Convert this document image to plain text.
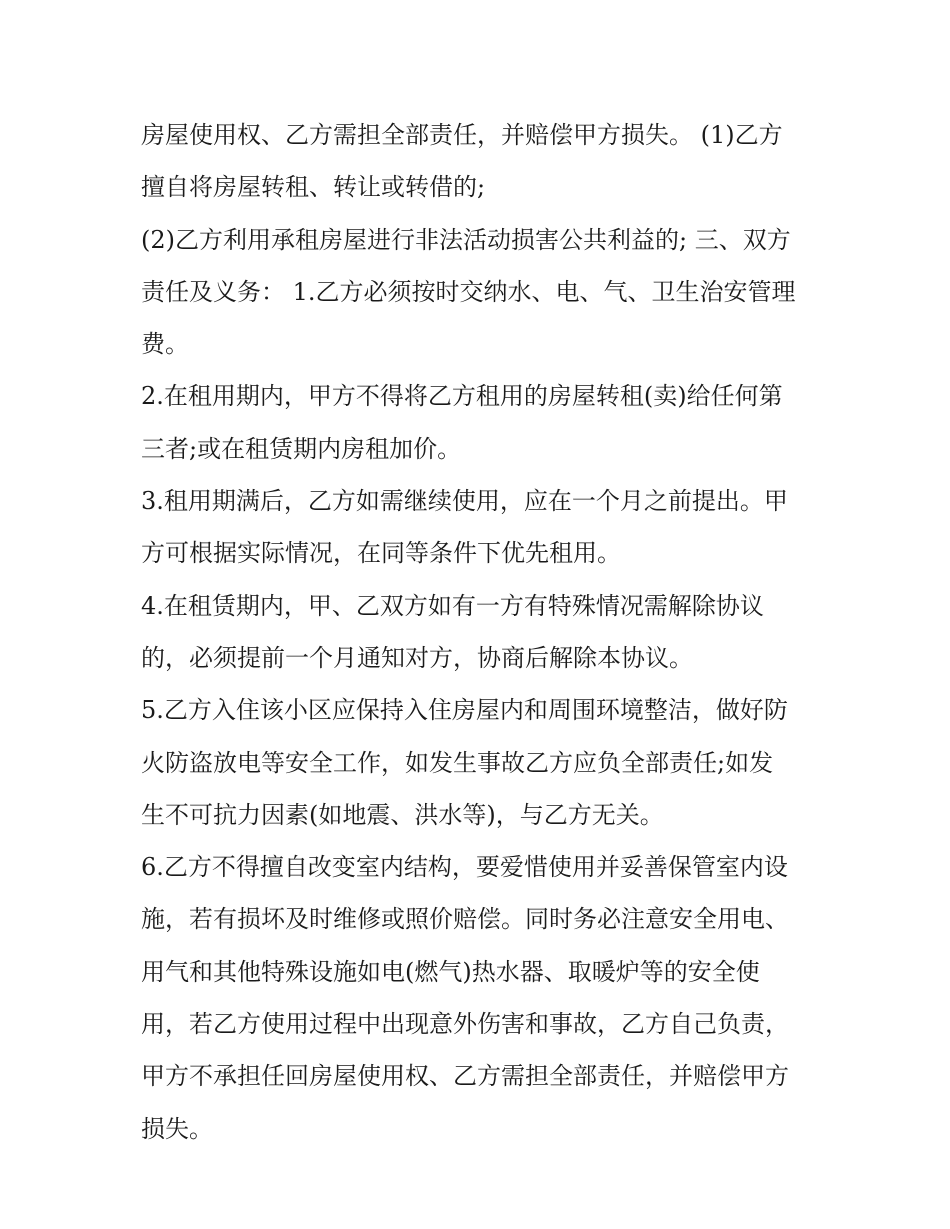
房屋使用权、乙方需担全部责任，并赔偿甲方损失。 (1)乙方
擅自将房屋转租、转让或转借的;
(2)乙方利用承租房屋进行非法活动损害公共利益的; 三、双方
责任及义务： 1.乙方必须按时交纳水、电、气、卫生治安管理
费。
2.在租用期内，甲方不得将乙方租用的房屋转租(卖)给任何第
三者;或在租赁期内房租加价。
3.租用期满后，乙方如需继续使用，应在一个月之前提出。甲
方可根据实际情况，在同等条件下优先租用。
4.在租赁期内，甲、乙双方如有一方有特殊情况需解除协议
的，必须提前一个月通知对方，协商后解除本协议。
5.乙方入住该小区应保持入住房屋内和周围环境整洁，做好防
火防盗放电等安全工作，如发生事故乙方应负全部责任;如发
生不可抗力因素(如地震、洪水等)，与乙方无关。
6.乙方不得擅自改变室内结构，要爱惜使用并妥善保管室内设
施，若有损坏及时维修或照价赔偿。同时务必注意安全用电、
用气和其他特殊设施如电(燃气)热水器、取暖炉等的安全使
用，若乙方使用过程中出现意外伤害和事故，乙方自己负责，
甲方不承担任回房屋使用权、乙方需担全部责任，并赔偿甲方
损失。
